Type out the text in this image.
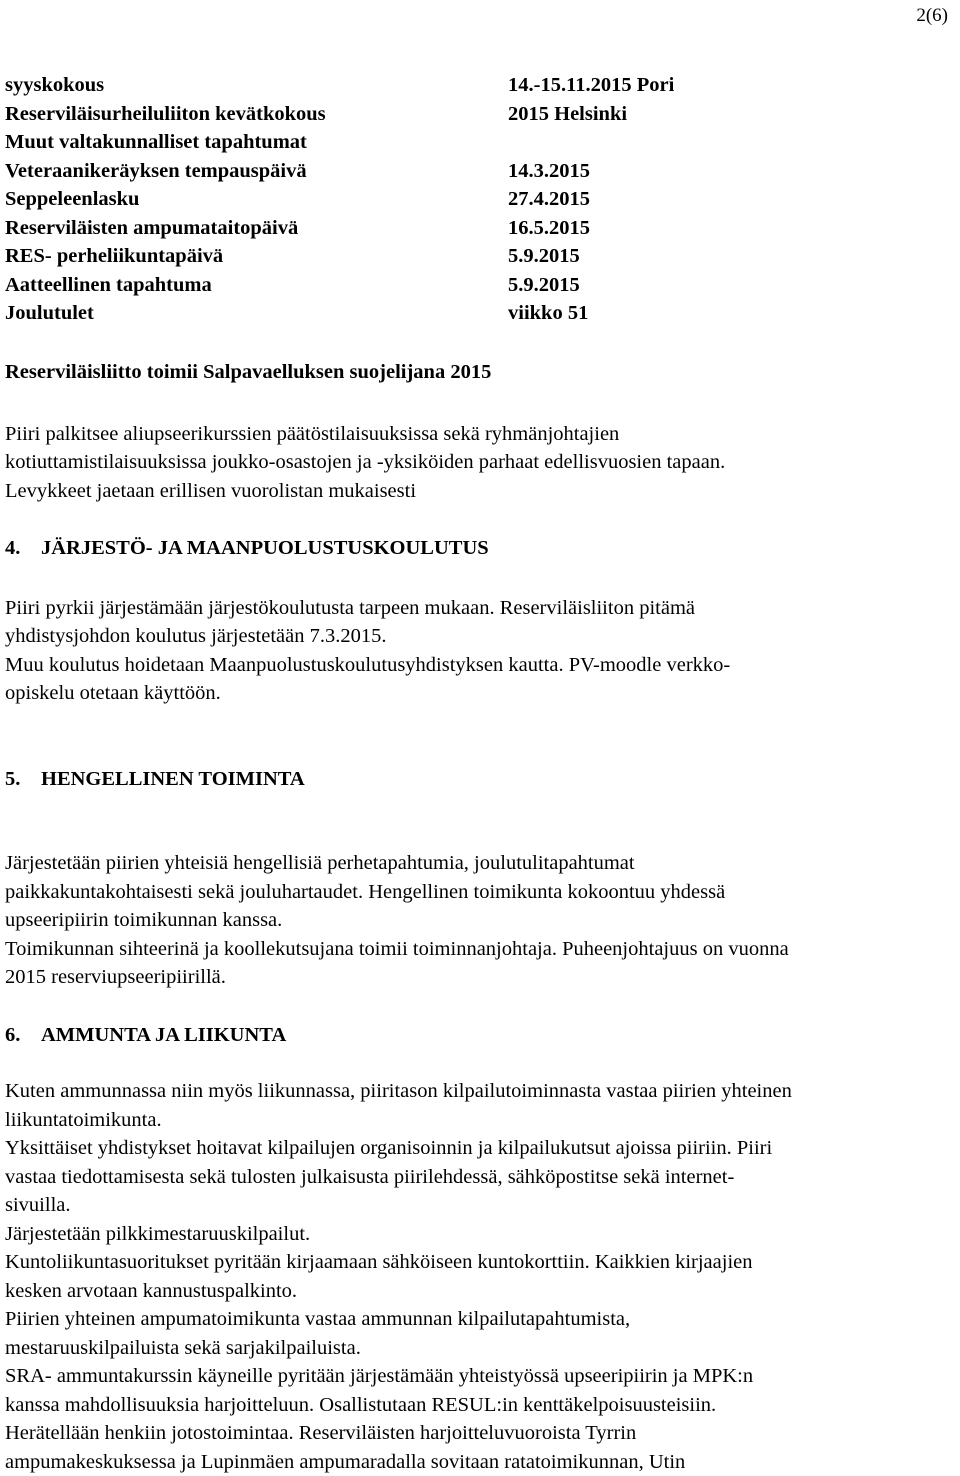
2(6)
syyskokous	14.-15.11.2015 Pori
Reserviläisurheiluliiton kevätkokous	2015 Helsinki
Muut valtakunnalliset tapahtumat
Veteraanikeräyksen tempauspäivä	14.3.2015
Seppeleenlasku	27.4.2015
Reserviläisten ampumataitopäivä	16.5.2015
RES- perheliikuntapäivä	5.9.2015
Aatteellinen tapahtuma	5.9.2015
Joulutulet	viikko 51
Reserviläisliitto toimii Salpavaelluksen suojelijana 2015

Piiri palkitsee aliupseerikurssien päätöstilaisuuksissa sekä ryhmänjohtajien
kotiuttamistilaisuuksissa joukko-osastojen ja -yksiköiden parhaat edellisvuosien tapaan.
Levykkeet jaetaan erillisen vuorolistan mukaisesti

4. JÄRJESTÖ- JA MAANPUOLUSTUSKOULUTUS

Piiri pyrkii järjestämään järjestökoulutusta tarpeen mukaan. Reserviläisliiton pitämä
yhdistysjohdon koulutus järjestetään 7.3.2015.
Muu koulutus hoidetaan Maanpuolustuskoulutusyhdistyksen kautta. PV-moodle verkko-
opiskelu otetaan käyttöön.

5. HENGELLINEN TOIMINTA

Järjestetään piirien yhteisiä hengellisiä perhetapahtumia, joulutulitapahtumat
paikkakuntakohtaisesti sekä jouluhartaudet. Hengellinen toimikunta kokoontuu yhdessä
upseeripiirin toimikunnan kanssa.
Toimikunnan sihteerinä ja koollekutsujana toimii toiminnanjohtaja. Puheenjohtajuus on vuonna
2015 reserviupseeripiirillä.

6. AMMUNTA JA LIIKUNTA

Kuten ammunnassa niin myös liikunnassa, piiritason kilpailutoiminnasta vastaa piirien yhteinen
liikuntatoimikunta.
Yksittäiset yhdistykset hoitavat kilpailujen organisoinnin ja kilpailukutsut ajoissa piiriin. Piiri
vastaa tiedottamisesta sekä tulosten julkaisusta piirilehdessä, sähköpostitse sekä internet-
sivuilla.
Järjestetään pilkkimestaruuskilpailut.
Kuntoliikuntasuoritukset pyritään kirjaamaan sähköiseen kuntokorttiin. Kaikkien kirjaajien
kesken arvotaan kannustuspalkinto.
Piirien yhteinen ampumatoimikunta vastaa ammunnan kilpailutapahtumista,
mestaruuskilpailuista sekä sarjakilpailuista.
SRA- ammuntakurssin käyneille pyritään järjestämään yhteistyössä upseeripiirin ja MPK:n
kanssa mahdollisuuksia harjoitteluun. Osallistutaan RESUL:in kenttäkelpoisuusteisiin.
Herätellään henkiin jotostoimintaa. Reserviläisten harjoitteluvuoroista Tyrrin
ampumakeskuksessa ja Lupinmäen ampumaradalla sovitaan ratatoimikunnan, Utin
